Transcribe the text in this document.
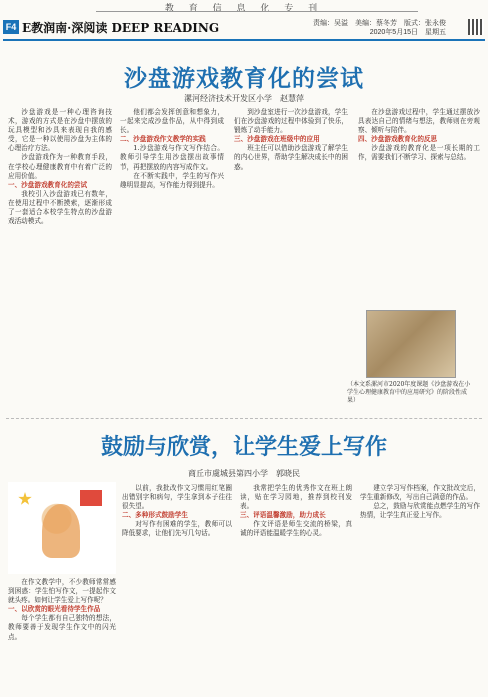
教 育 信 息 化 专 刊
F4 E教润南·深阅读 DEEP READING	责编：吴溢　美编：蔡冬芳　版式：张永俊
2020年5月15日　星期五
沙盘游戏教育化的尝试
漯河经济技术开发区小学　赵慧萍

沙盘游戏是一种心理咨询技术，游戏的方式是在沙盘中摆放的玩具模型和沙具来表现自我的感受，它是一种以使用沙盘为主体的心理治疗方法。

沙盘游戏作为一种教育手段，在学校心理健康教育中有着广泛的应用价值。

一、沙盘游戏教育化的尝试

我校引入沙盘游戏已有数年，在使用过程中不断摸索，逐渐形成了一套适合本校学生特点的沙盘游戏活动模式。

他们都会发挥创意和想象力，一起来完成沙盘作品，从中得到成长。

二、沙盘游戏作文教学的实践

1.沙盘游戏与作文写作结合。教师引导学生用沙盘摆出故事情节，再把摆放的内容写成作文。

在不断实践中，学生的写作兴趣明显提高，写作能力得到提升。

到沙盘室进行一次沙盘游戏，学生们在沙盘游戏的过程中体验到了快乐，锻炼了动手能力。

三、沙盘游戏在班级中的应用

班主任可以借助沙盘游戏了解学生的内心世界，帮助学生解决成长中的困惑。

在沙盘游戏过程中，学生通过摆放沙具表达自己的情绪与想法，教师则在旁观察、倾听与陪伴。

四、沙盘游戏教育化的反思

沙盘游戏的教育化是一项长期的工作，需要我们不断学习、探索与总结。

（本文系漯河市2020年度课题《沙盘游戏在小学生心理健康教育中的应用研究》的阶段性成果）
鼓励与欣赏，让学生爱上写作
商丘市虞城县第四小学　郭晓民

在作文教学中，不少教师常常感到困惑：学生怕写作文，一提起作文就头疼。如何让学生爱上写作呢？

一、以欣赏的眼光看待学生作品

每个学生都有自己独特的想法，教师要善于发现学生作文中的闪光点。

以前，我批改作文习惯用红笔圈出错别字和病句，学生拿到本子往往很失望。

二、多种形式鼓励学生

对写作有困难的学生，教师可以降低要求，让他们先写几句话。

我常把学生的优秀作文在班上朗读，贴在学习园地，推荐到校刊发表。

三、评语温馨激励，助力成长

作文评语是师生交流的桥梁，真诚的评语能温暖学生的心灵。

建立学习写作档案，作文批改完后，学生重新修改，写出自己满意的作品。

总之，鼓励与欣赏能点燃学生的写作热情，让学生真正爱上写作。
